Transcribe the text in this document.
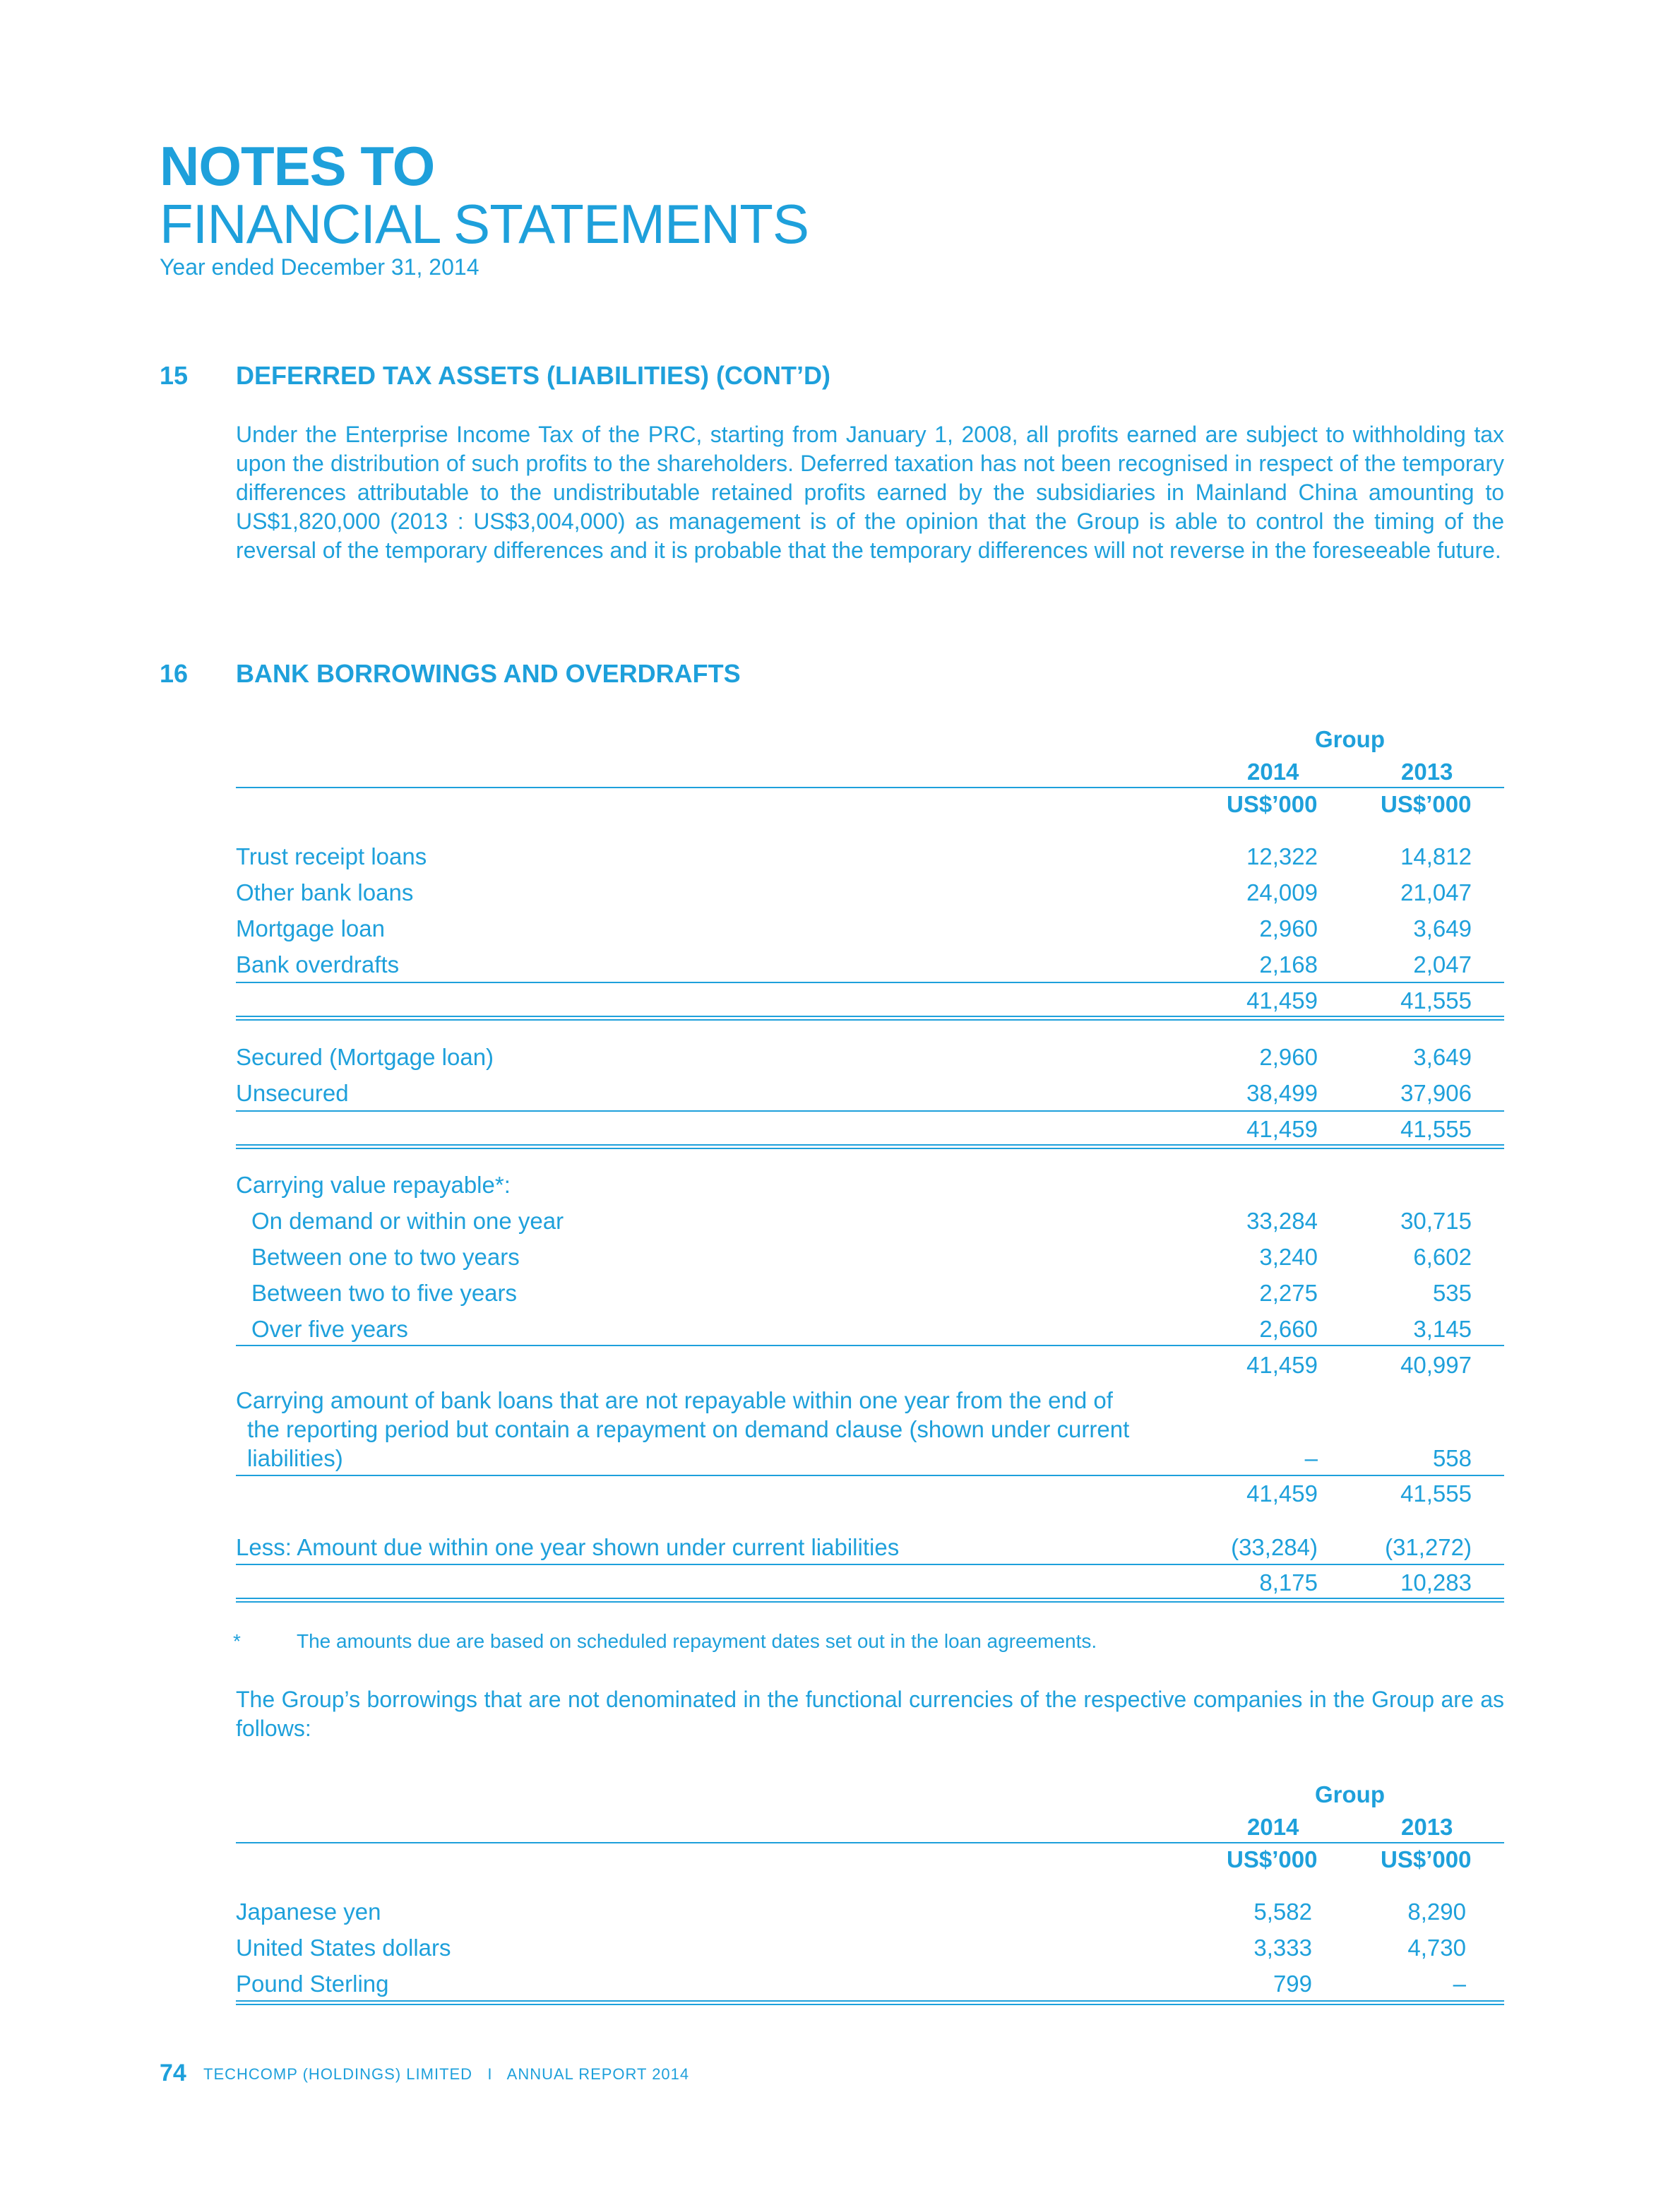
NOTES TO
FINANCIAL STATEMENTS
Year ended December 31, 2014
15 DEFERRED TAX ASSETS (LIABILITIES) (CONT’D)

Under the Enterprise Income Tax of the PRC, starting from January 1, 2008, all profits earned are subject to withholding tax upon the distribution of such profits to the shareholders. Deferred taxation has not been recognised in respect of the temporary differences attributable to the undistributable retained profits earned by the subsidiaries in Mainland China amounting to US$1,820,000 (2013 : US$3,004,000) as management is of the opinion that the Group is able to control the timing of the reversal of the temporary differences and it is probable that the temporary differences will not reverse in the foreseeable future.

16 BANK BORROWINGS AND OVERDRAFTS
Group
2014	2013
US$’000	US$’000
Trust receipt loans	12,322	14,812
Other bank loans	24,009	21,047
Mortgage loan	2,960	3,649
Bank overdrafts	2,168	2,047
41,459	41,555
Secured (Mortgage loan)	2,960	3,649
Unsecured	38,499	37,906
41,459	41,555
Carrying value repayable*:
On demand or within one year	33,284	30,715
Between one to two years	3,240	6,602
Between two to five years	2,275	535
Over five years	2,660	3,145
41,459	40,997
Carrying amount of bank loans that are not repayable within one year from the end of
the reporting period but contain a repayment on demand clause (shown under current
liabilities)	–	558
41,459	41,555
Less: Amount due within one year shown under current liabilities	(33,284)	(31,272)
8,175	10,283
*	The amounts due are based on scheduled repayment dates set out in the loan agreements.

The Group’s borrowings that are not denominated in the functional currencies of the respective companies in the Group are as follows:

Group
2014	2013
US$’000	US$’000
Japanese yen	5,582	8,290
United States dollars	3,333	4,730
Pound Sterling	799	–
74 TECHCOMP (HOLDINGS) LIMITED I ANNUAL REPORT 2014
